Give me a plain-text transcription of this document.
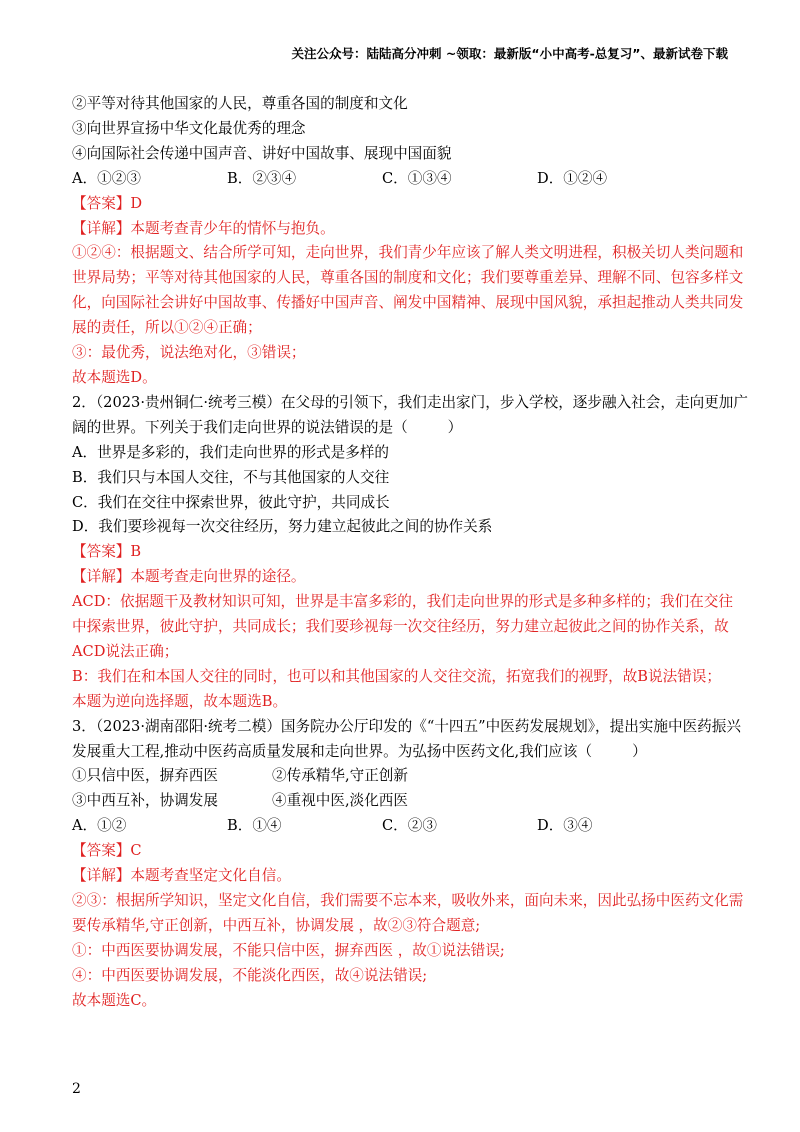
关注公众号：陆陆高分冲刺 ~领取：最新版“小中高考-总复习”、最新试卷下载
②平等对待其他国家的人民，尊重各国的制度和文化
③向世界宣扬中华文化最优秀的理念
④向国际社会传递中国声音、讲好中国故事、展现中国面貌
A．①②③	B．②③④	C．①③④	D．①②④
【答案】D
【详解】本题考查青少年的情怀与抱负。
①②④：根据题文、结合所学可知，走向世界，我们青少年应该了解人类文明进程，积极关切人类问题和
世界局势；平等对待其他国家的人民，尊重各国的制度和文化；我们要尊重差异、理解不同、包容多样文
化，向国际社会讲好中国故事、传播好中国声音、阐发中国精神、展现中国风貌，承担起推动人类共同发
展的责任，所以①②④正确；
③：最优秀，说法绝对化，③错误；
故本题选D。
2．（2023·贵州铜仁·统考三模）在父母的引领下，我们走出家门，步入学校，逐步融入社会，走向更加广
阔的世界。下列关于我们走向世界的说法错误的是（	）
A．世界是多彩的，我们走向世界的形式是多样的
B．我们只与本国人交往，不与其他国家的人交往
C．我们在交往中探索世界，彼此守护，共同成长
D．我们要珍视每一次交往经历，努力建立起彼此之间的协作关系
【答案】B
【详解】本题考查走向世界的途径。
ACD：依据题干及教材知识可知，世界是丰富多彩的，我们走向世界的形式是多种多样的；我们在交往
中探索世界，彼此守护，共同成长；我们要珍视每一次交往经历，努力建立起彼此之间的协作关系，故
ACD说法正确；
B：我们在和本国人交往的同时，也可以和其他国家的人交往交流，拓宽我们的视野，故B说法错误；
本题为逆向选择题，故本题选B。
3．（2023·湖南邵阳·统考二模）国务院办公厅印发的《“十四五”中医药发展规划》，提出实施中医药振兴
发展重大工程,推动中医药高质量发展和走向世界。为弘扬中医药文化,我们应该（	）
①只信中医，摒弃西医	②传承精华,守正创新
③中西互补，协调发展	④重视中医,淡化西医
A．①②	B．①④	C．②③	D．③④
【答案】C
【详解】本题考查坚定文化自信。
②③：根据所学知识，坚定文化自信，我们需要不忘本来，吸收外来，面向未来，因此弘扬中医药文化需
要传承精华,守正创新，中西互补，协调发展 ，故②③符合题意;
①：中西医要协调发展，不能只信中医，摒弃西医 ，故①说法错误;
④：中西医要协调发展，不能淡化西医，故④说法错误;
故本题选C。
2
